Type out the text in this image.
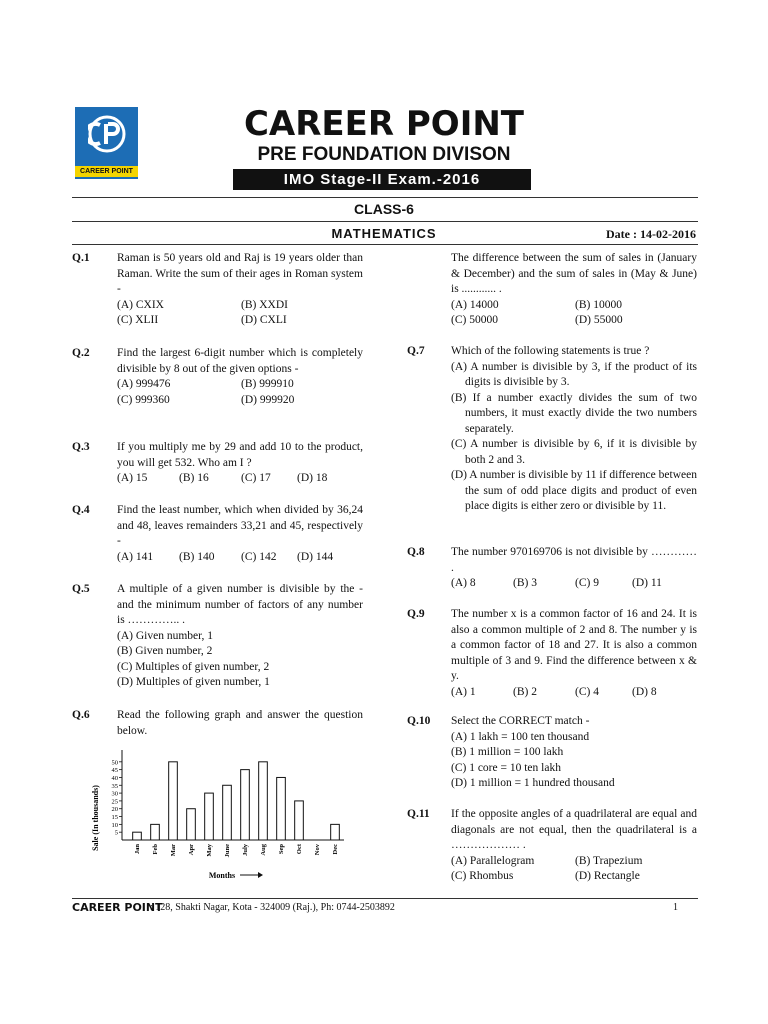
CAREER POINT
CAREER POINT
PRE FOUNDATION DIVISON
IMO Stage-II Exam.-2016
CLASS-6
MATHEMATICS	Date : 14-02-2016
Q.1 Raman is 50 years old and Raj is 19 years older than Raman. Write the sum of their ages in Roman system -
(A) CXIX	(B) XXDI
(C) XLII	(D) CXLI
Q.2 Find the largest 6-digit number which is completely divisible by 8 out of the given options -
(A) 999476	(B) 999910
(C) 999360	(D) 999920
Q.3 If you multiply me by 29 and add 10 to the product, you will get 532. Who am I ?
(A) 15	(B) 16	(C) 17	(D) 18
Q.4 Find the least number, which when divided by 36,24 and 48, leaves remainders 33,21 and 45, respectively -
(A) 141	(B) 140	(C) 142	(D) 144
Q.5 A multiple of a given number is divisible by the - and the minimum number of factors of any number is ………….. .
(A) Given number, 1
(B) Given number, 2
(C) Multiples of given number, 2
(D) Multiples of given number, 1
Q.6 Read the following graph and answer the question below.
Sale (In thousands)
Months
5
10
15
20
25
30
35
40
45
50
Jan Feb Mar Apr May June July Aug Sep Oct Nov Dec
The difference between the sum of sales in (January & December) and the sum of sales in (May & June) is ............ .
(A) 14000	(B) 10000
(C) 50000	(D) 55000
Q.7 Which of the following statements is true ?
(A) A number is divisible by 3, if the product of its digits is divisible by 3.
(B) If a number exactly divides the sum of two numbers, it must exactly divide the two numbers separately.
(C) A number is divisible by 6, if it is divisible by both 2 and 3.
(D) A number is divisible by 11 if difference between the sum of odd place digits and product of even place digits is either zero or divisible by 11.
Q.8 The number 970169706 is not divisible by ………… .
(A) 8	(B) 3	(C) 9	(D) 11
Q.9 The number x is a common factor of 16 and 24. It is also a common multiple of 2 and 8. The number y is a common factor of 18 and 27. It is also a common multiple of 3 and 9. Find the difference between x & y.
(A) 1	(B) 2	(C) 4	(D) 8
Q.10 Select the CORRECT match -
(A) 1 lakh = 100 ten thousand
(B) 1 million = 100 lakh
(C) 1 core = 10 ten lakh
(D) 1 million = 1 hundred thousand
Q.11 If the opposite angles of a quadrilateral are equal and diagonals are not equal, then the quadrilateral is a ……………… .
(A) Parallelogram	(B) Trapezium
(C) Rhombus	(D) Rectangle
CAREER POINT
: 128, Shakti Nagar, Kota - 324009 (Raj.), Ph: 0744-2503892	1
